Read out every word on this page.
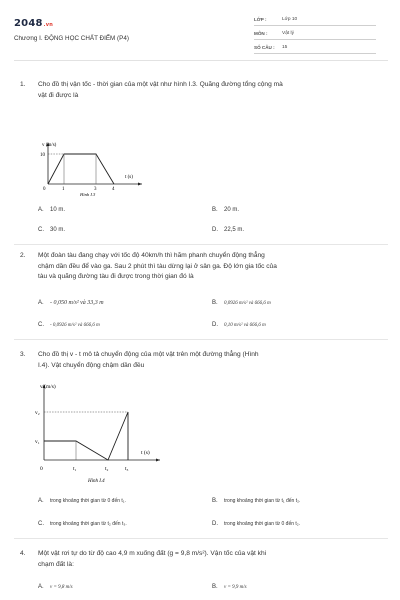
2048.vn
Chương I. ĐỘNG HỌC CHẤT ĐIỂM (P4)
LỚP :	Lớp 10
MÔN :	Vật lý
SỐ CÂU : 15
1. Cho đồ thị vận tốc - thời gian của một vật như hình I.3. Quãng đường tổng cộng mà
vật đi được là
v (m/s)
t (s)
10
0	1	3	4
Hình I.3
A. 10 m.	B. 20 m.
C. 30 m.	D. 22,5 m.
2. Một đoàn tàu đang chạy với tốc độ 40km/h thì hãm phanh chuyển động thẳng
chậm dần đều để vào ga. Sau 2 phút thì tàu dừng lại ở sân ga. Độ lớn gia tốc của
tàu và quãng đường tàu đi được trong thời gian đó là
A. - 0,050 m/s² và 33,3 m	B. 0,0926 m/s² và 666,6 m
C. - 0,0926 m/s² và 666,6 m	D. 0,10 m/s² và 666,6 m
3. Cho đồ thị v - t mô tả chuyển động của một vật trên một đường thẳng (Hình
I.4). Vật chuyển động chậm dần đều
v (m/s)
t (s)
v₂
v₁
0	t₁	t₂	t₃
Hình I.4
A. trong khoảng thời gian từ 0 đến t₁.	B. trong khoảng thời gian từ t₁ đến t₂.
C. trong khoảng thời gian từ t₂ đến t₃.	D. trong khoảng thời gian từ 0 đến t₂.
4. Một vật rơi tự do từ độ cao 4,9 m xuống đất (g = 9,8 m/s²). Vận tốc của vật khi
chạm đất là:
A. v = 9,8 m/s	B. v = 9,9 m/s
